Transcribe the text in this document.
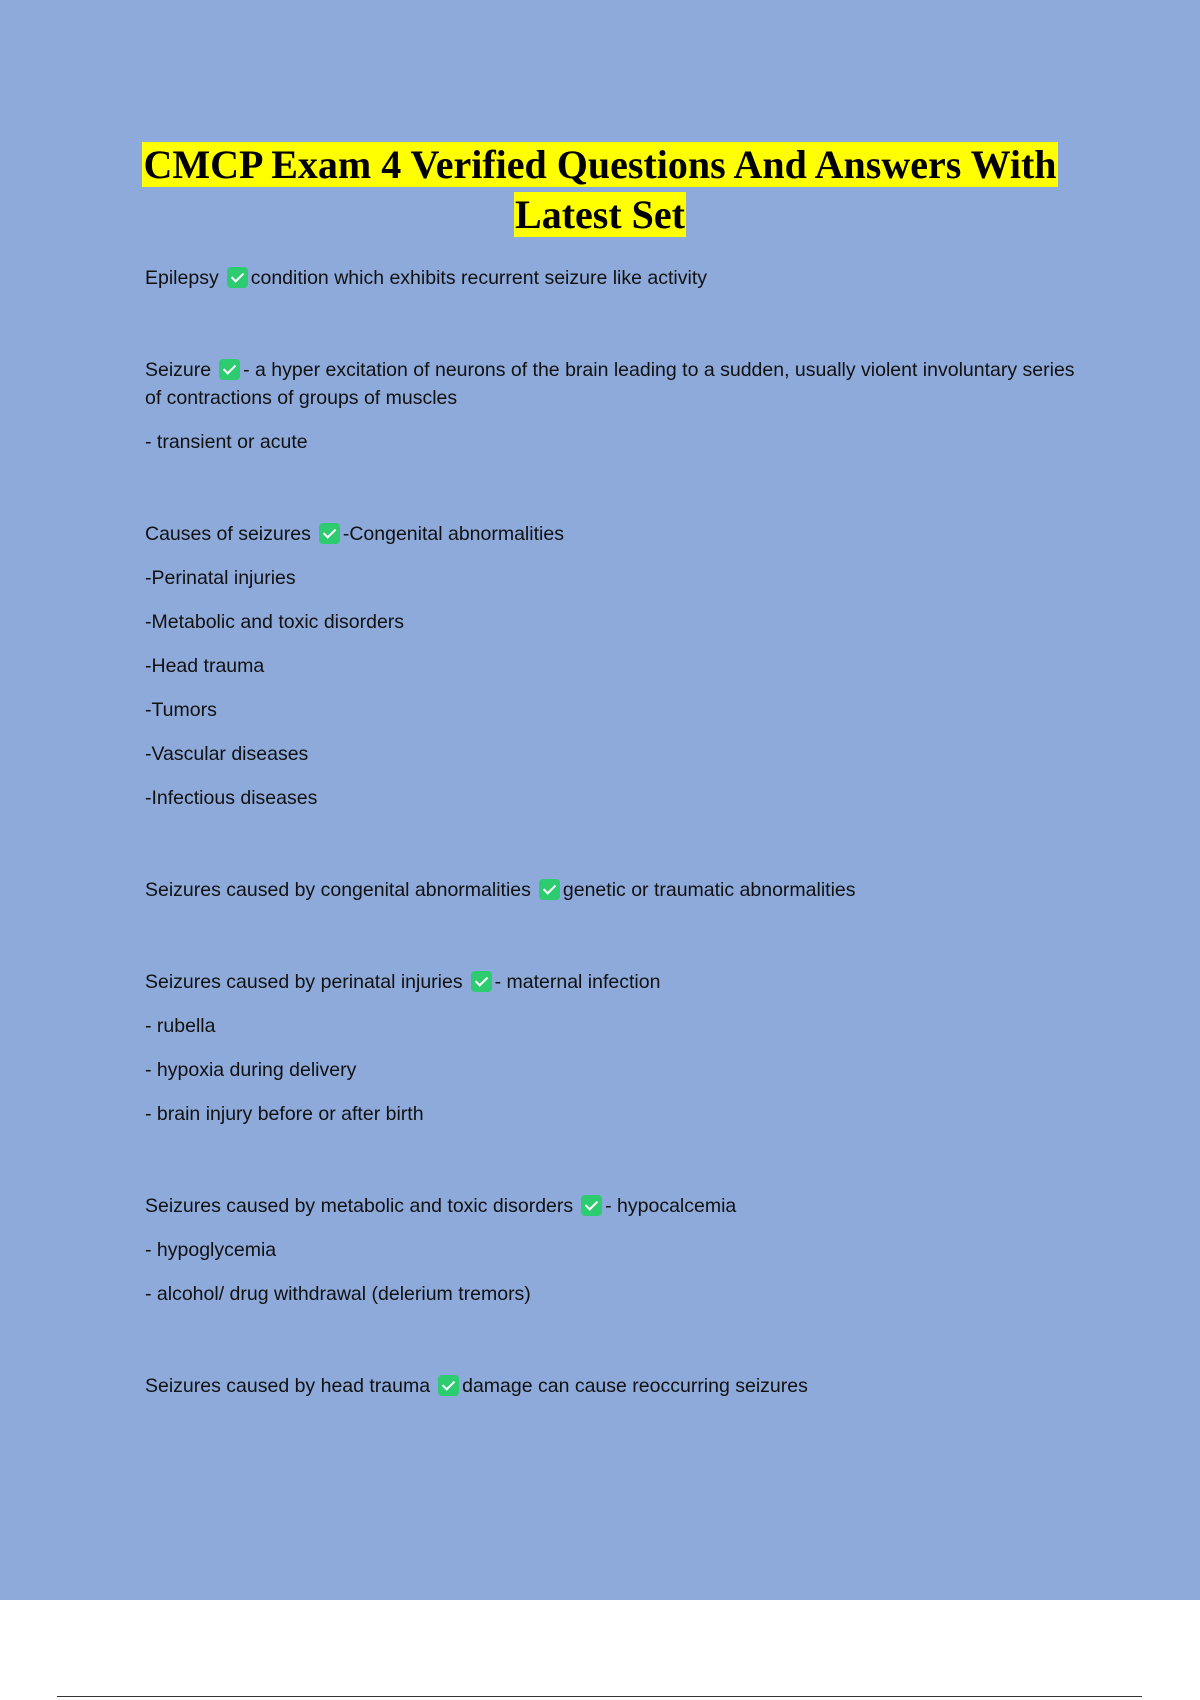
CMCP Exam 4 Verified Questions And Answers With
Latest Set

Epilepsy condition which exhibits recurrent seizure like activity

Seizure - a hyper excitation of neurons of the brain leading to a sudden, usually violent involuntary series of contractions of groups of muscles

- transient or acute

Causes of seizures -Congenital abnormalities

-Perinatal injuries

-Metabolic and toxic disorders

-Head trauma

-Tumors

-Vascular diseases

-Infectious diseases

Seizures caused by congenital abnormalities genetic or traumatic abnormalities

Seizures caused by perinatal injuries - maternal infection

- rubella

- hypoxia during delivery

- brain injury before or after birth

Seizures caused by metabolic and toxic disorders - hypocalcemia

- hypoglycemia

- alcohol/ drug withdrawal (delerium tremors)

Seizures caused by head trauma damage can cause reoccurring seizures
